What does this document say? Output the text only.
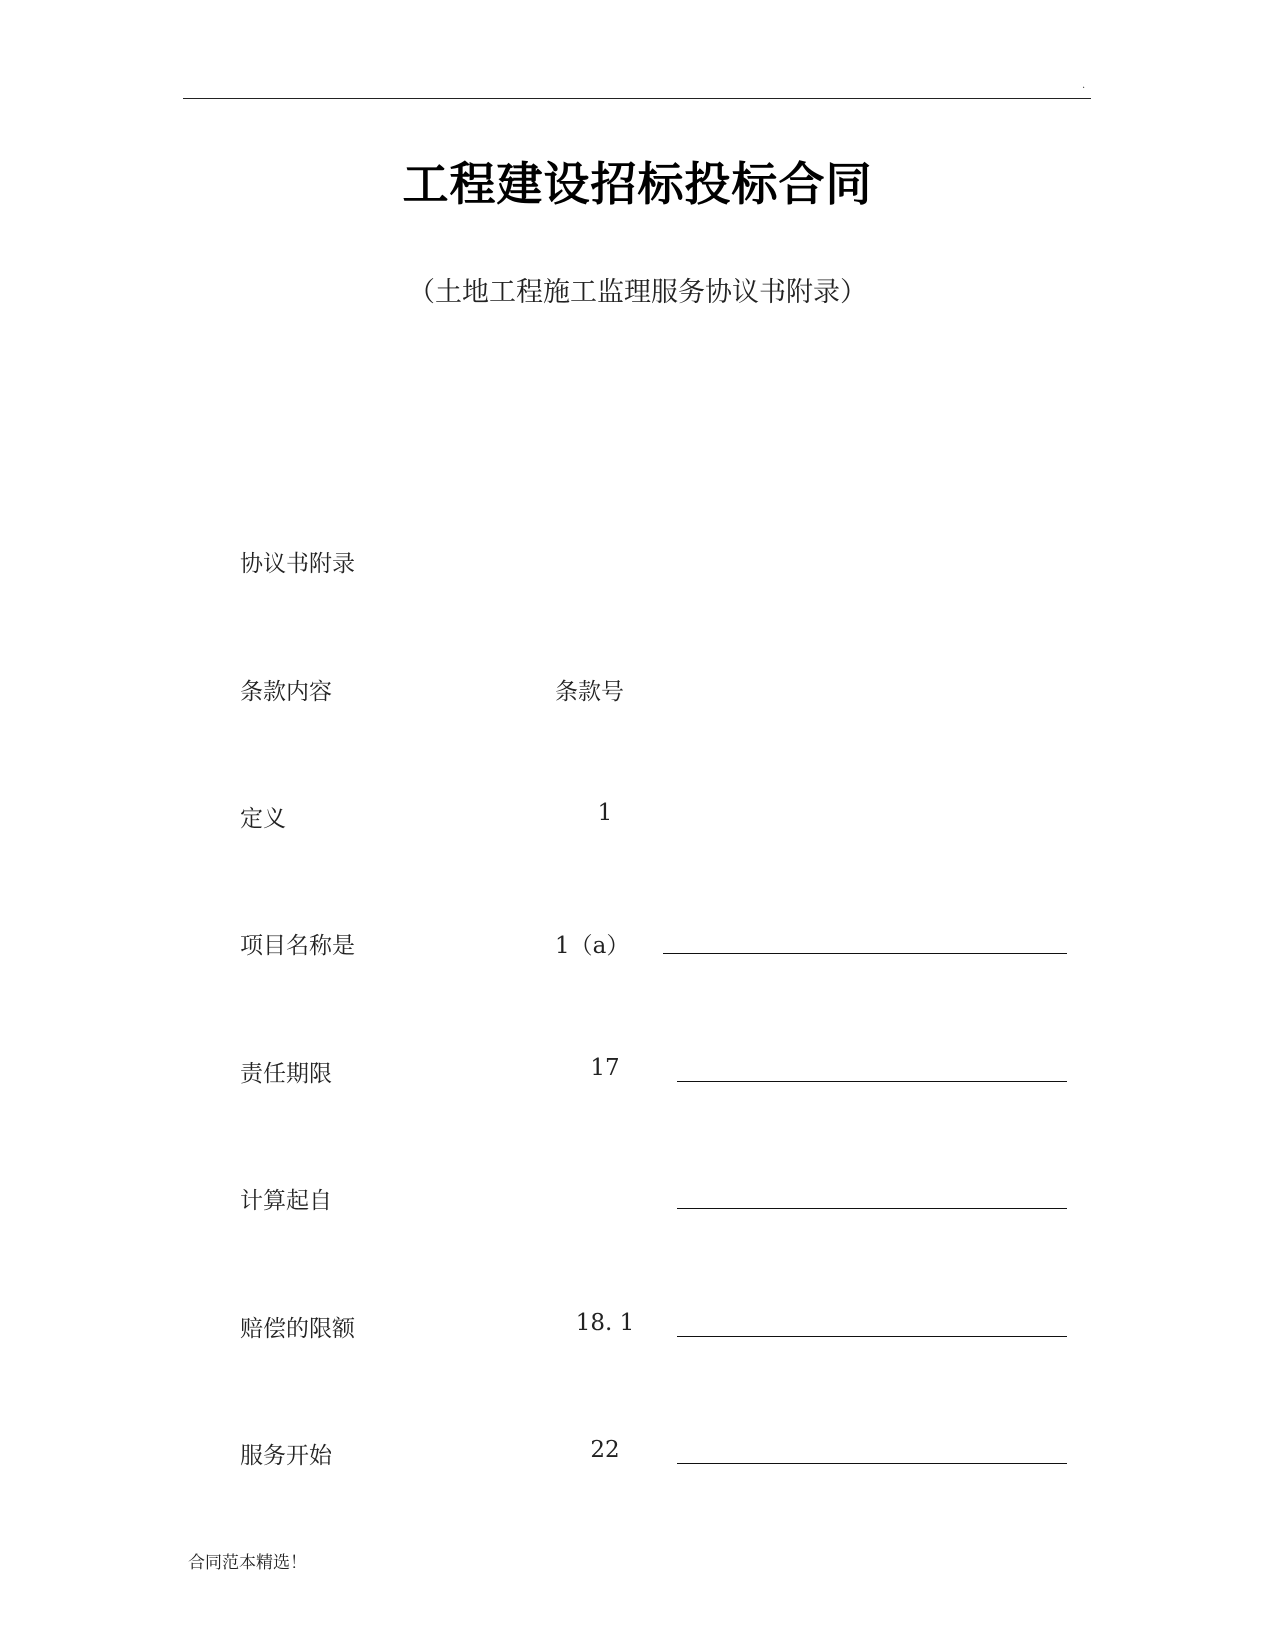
.
工程建设招标投标合同

（土地工程施工监理服务协议书附录）

协议书附录
条款内容	条款号
定义	1
项目名称是	1（a）
责任期限	17
计算起自
赔偿的限额	18. 1
服务开始	22
合同范本精选！
